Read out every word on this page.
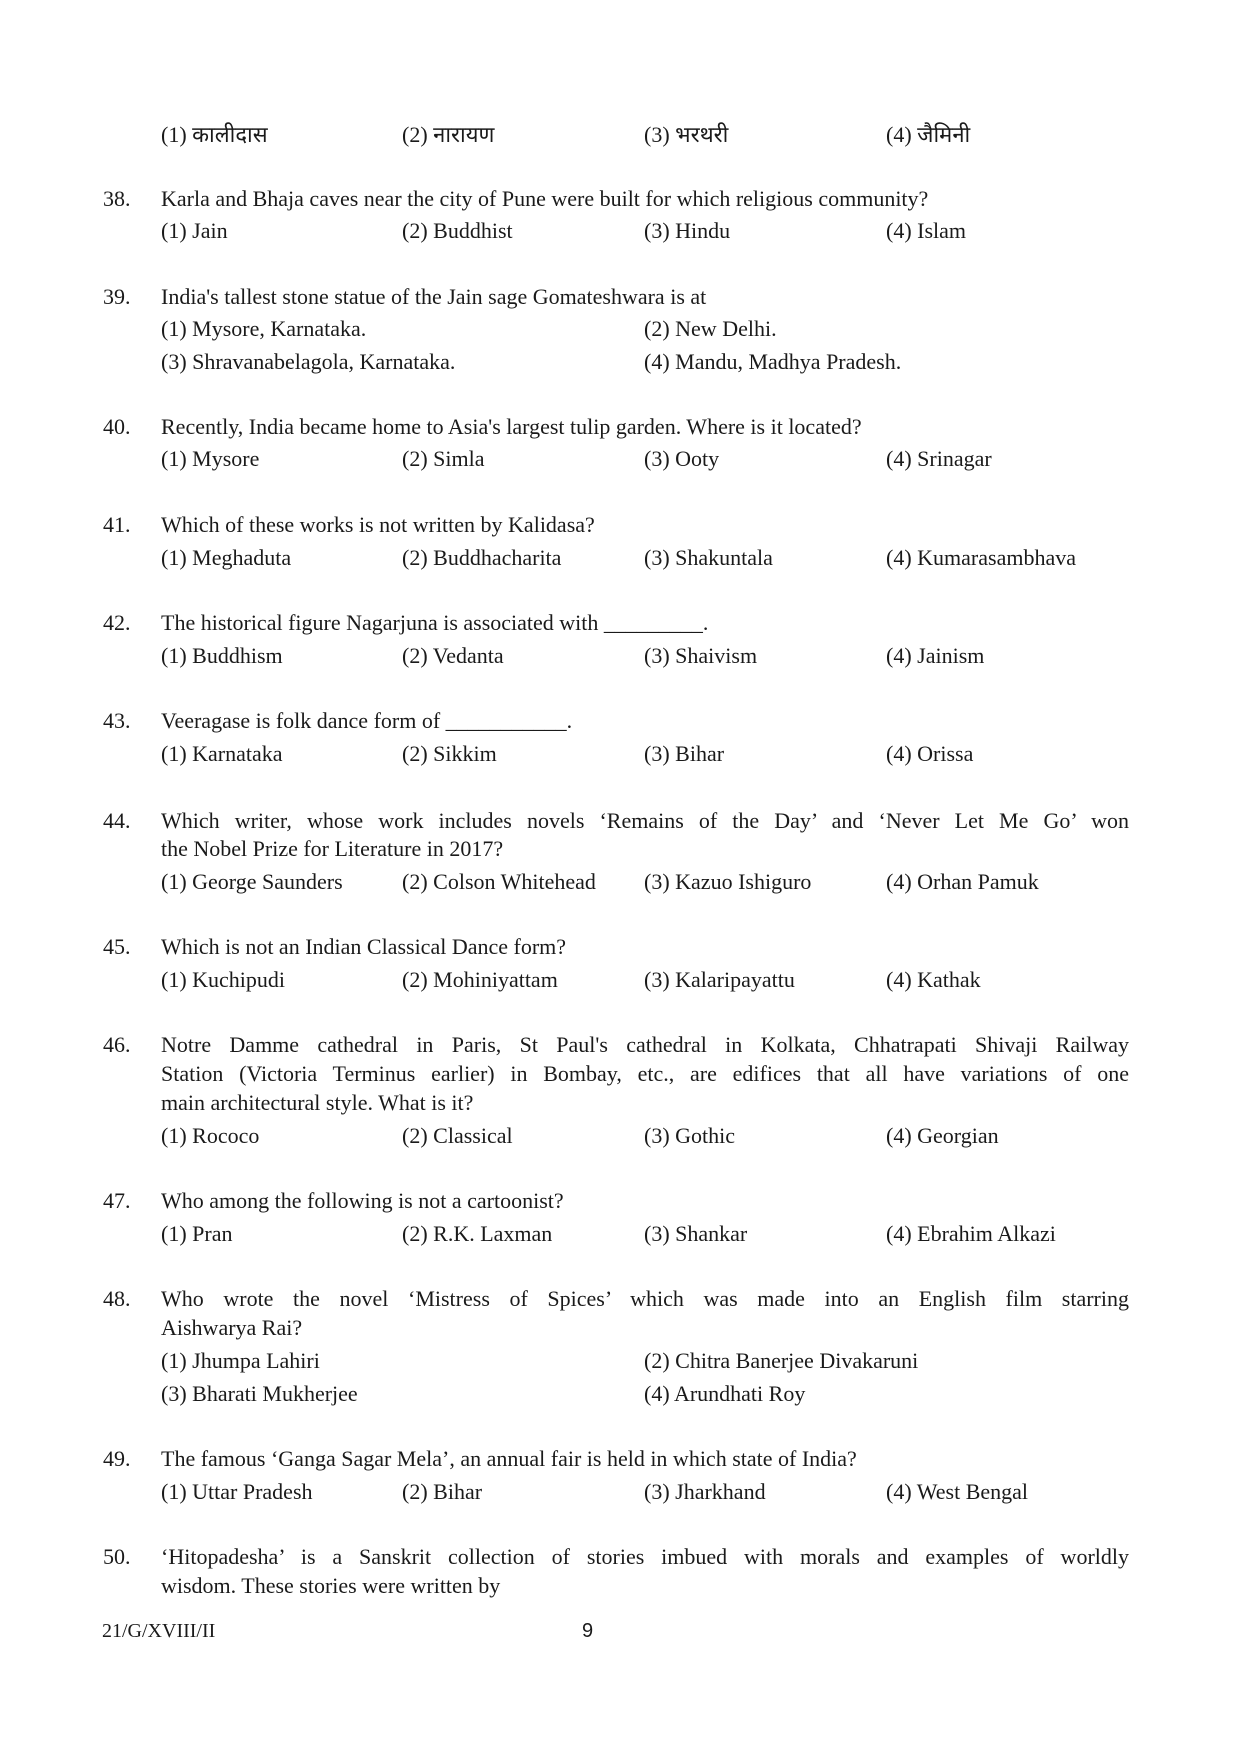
(1) कालीदास	(2) नारायण	(3) भरथरी	(4) जैमिनी
38. Karla and Bhaja caves near the city of Pune were built for which religious community?
(1) Jain	(2) Buddhist	(3) Hindu	(4) Islam
39. India's tallest stone statue of the Jain sage Gomateshwara is at
(1) Mysore, Karnataka.	(2) New Delhi.
(3) Shravanabelagola, Karnataka.	(4) Mandu, Madhya Pradesh.
40. Recently, India became home to Asia's largest tulip garden. Where is it located?
(1) Mysore	(2) Simla	(3) Ooty	(4) Srinagar
41. Which of these works is not written by Kalidasa?
(1) Meghaduta	(2) Buddhacharita	(3) Shakuntala	(4) Kumarasambhava
42. The historical figure Nagarjuna is associated with _________.
(1) Buddhism	(2) Vedanta	(3) Shaivism	(4) Jainism
43. Veeragase is folk dance form of ___________.
(1) Karnataka	(2) Sikkim	(3) Bihar	(4) Orissa
44. Which writer, whose work includes novels ‘Remains of the Day’ and ‘Never Let Me Go’ won
the Nobel Prize for Literature in 2017?
(1) George Saunders	(2) Colson Whitehead (3) Kazuo Ishiguro	(4) Orhan Pamuk
45. Which is not an Indian Classical Dance form?
(1) Kuchipudi	(2) Mohiniyattam	(3) Kalaripayattu	(4) Kathak
46. Notre Damme cathedral in Paris, St Paul's cathedral in Kolkata, Chhatrapati Shivaji Railway
Station (Victoria Terminus earlier) in Bombay, etc., are edifices that all have variations of one
main architectural style. What is it?
(1) Rococo	(2) Classical	(3) Gothic	(4) Georgian
47. Who among the following is not a cartoonist?
(1) Pran	(2) R.K. Laxman	(3) Shankar	(4) Ebrahim Alkazi
48. Who wrote the novel ‘Mistress of Spices’ which was made into an English film starring
Aishwarya Rai?
(1) Jhumpa Lahiri	(2) Chitra Banerjee Divakaruni
(3) Bharati Mukherjee	(4) Arundhati Roy
49. The famous ‘Ganga Sagar Mela’, an annual fair is held in which state of India?
(1) Uttar Pradesh	(2) Bihar	(3) Jharkhand	(4) West Bengal
50. ‘Hitopadesha’ is a Sanskrit collection of stories imbued with morals and examples of worldly
wisdom. These stories were written by
21/G/XVIII/II	9
